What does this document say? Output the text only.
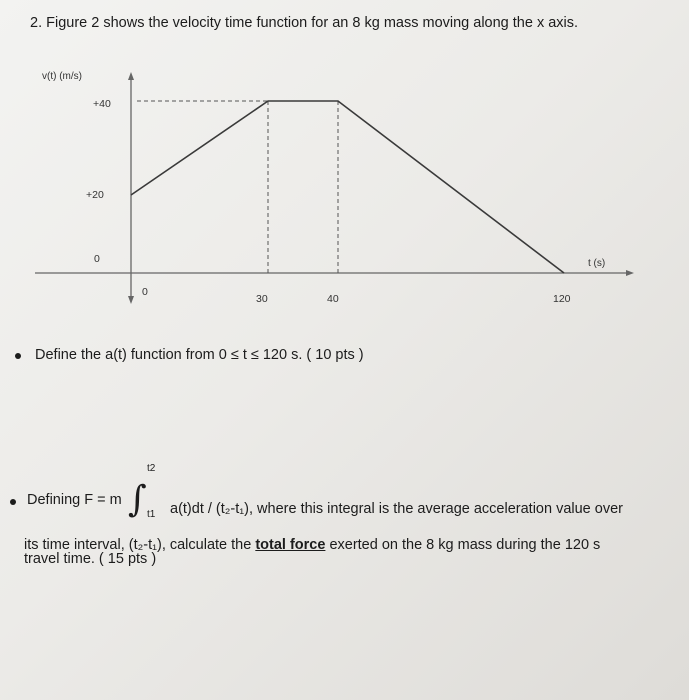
2. Figure 2 shows the velocity time function for an 8 kg mass moving along the x axis.
v(t) (m/s)
t (s)
+40
+20
0
0
30	40	120
Define the a(t) function from 0 ≤ t ≤ 120 s. ( 10 pts )
Defining F = m ∫
t2
t1 a(t)dt / (t₂-t₁), where this integral is the average acceleration value over
its time interval, (t₂-t₁), calculate the total force exerted on the 8 kg mass during the 120 s
travel time. ( 15 pts )
